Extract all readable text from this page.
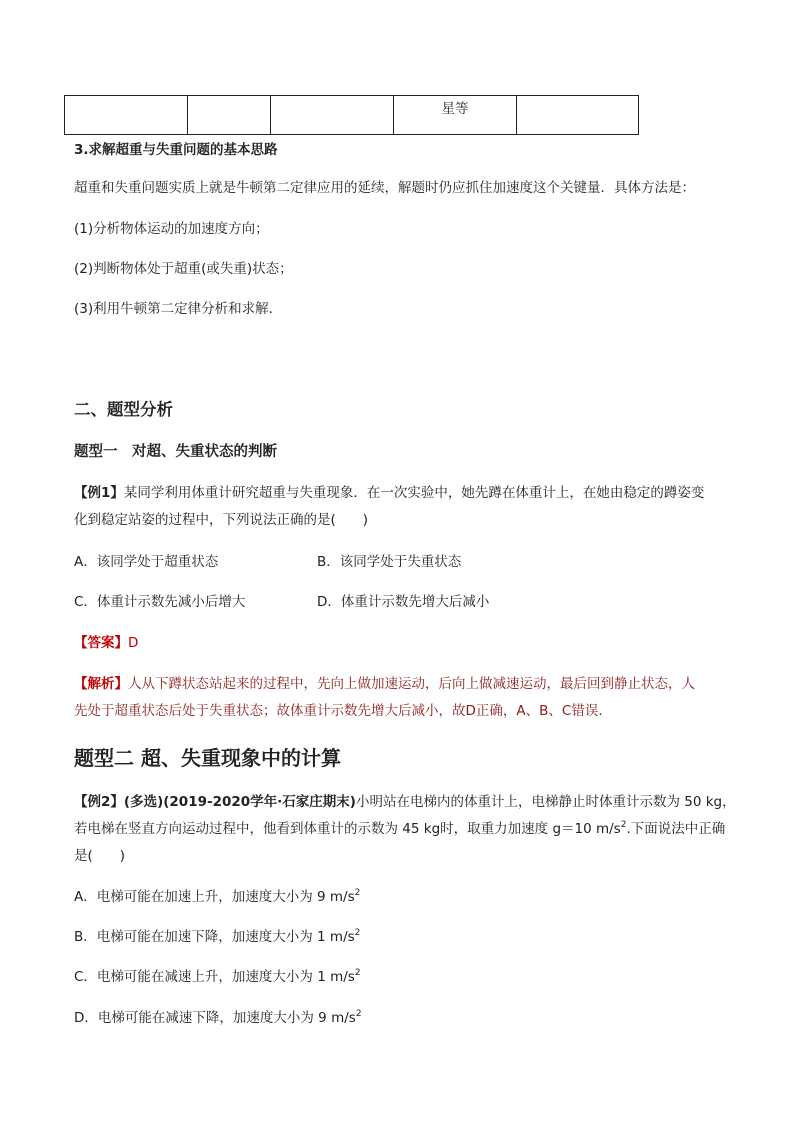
星等
3.求解超重与失重问题的基本思路
超重和失重问题实质上就是牛顿第二定律应用的延续，解题时仍应抓住加速度这个关键量．具体方法是：
(1)分析物体运动的加速度方向；
(2)判断物体处于超重(或失重)状态；
(3)利用牛顿第二定律分析和求解．
二、题型分析
题型一　对超、失重状态的判断
【例1】某同学利用体重计研究超重与失重现象．在一次实验中，她先蹲在体重计上，在她由稳定的蹲姿变
化到稳定站姿的过程中，下列说法正确的是(　　)
A．该同学处于超重状态	B．该同学处于失重状态
C．体重计示数先减小后增大	D．体重计示数先增大后减小
【答案】D
【解析】人从下蹲状态站起来的过程中，先向上做加速运动，后向上做减速运动，最后回到静止状态，人
先处于超重状态后处于失重状态；故体重计示数先增大后减小，故D正确，A、B、C错误．
题型二 超、失重现象中的计算
【例2】(多选)(2019-2020学年·石家庄期末)小明站在电梯内的体重计上，电梯静止时体重计示数为 50 kg，
若电梯在竖直方向运动过程中，他看到体重计的示数为 45 kg时，取重力加速度 g＝10 $m/s^2$.下面说法中正确
是(　　)
A．电梯可能在加速上升，加速度大小为 9 $m/s^2$
B．电梯可能在加速下降，加速度大小为 1 $m/s^2$
C．电梯可能在减速上升，加速度大小为 1 $m/s^2$
D．电梯可能在减速下降，加速度大小为 9 $m/s^2$
